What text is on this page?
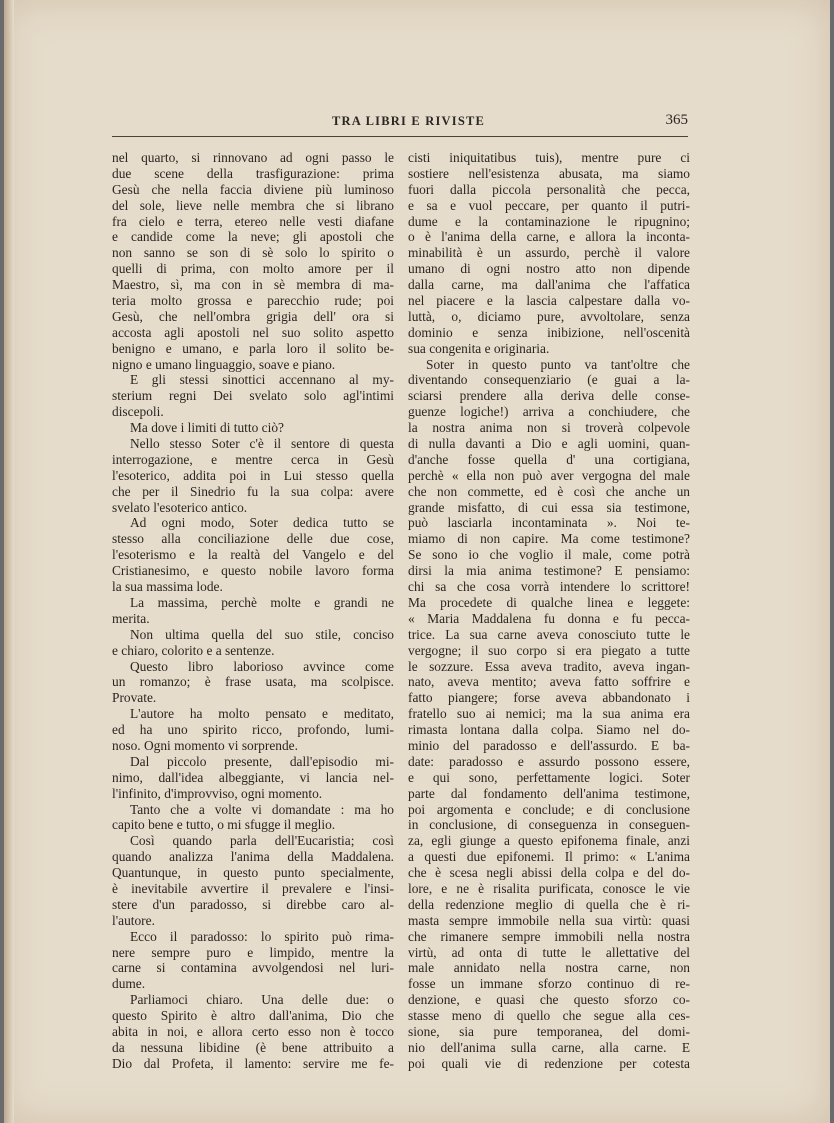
TRA LIBRI E RIVISTE	365
nel quarto, si rinnovano ad ogni passo le
due scene della trasfigurazione: prima
Gesù che nella faccia diviene più luminoso
del sole, lieve nelle membra che si librano
fra cielo e terra, etereo nelle vesti diafane
e candide come la neve; gli apostoli che
non sanno se son di sè solo lo spirito o
quelli di prima, con molto amore per il
Maestro, sì, ma con in sè membra di ma-
teria molto grossa e parecchio rude; poi
Gesù, che nell'ombra grigia dell' ora si
accosta agli apostoli nel suo solito aspetto
benigno e umano, e parla loro il solito be-
nigno e umano linguaggio, soave e piano.
E gli stessi sinottici accennano al my-
sterium regni Dei svelato solo agl'intimi
discepoli.
Ma dove i limiti di tutto ciò?
Nello stesso Soter c'è il sentore di questa
interrogazione, e mentre cerca in Gesù
l'esoterico, addita poi in Lui stesso quella
che per il Sinedrio fu la sua colpa: avere
svelato l'esoterico antico.
Ad ogni modo, Soter dedica tutto se
stesso alla conciliazione delle due cose,
l'esoterismo e la realtà del Vangelo e del
Cristianesimo, e questo nobile lavoro forma
la sua massima lode.
La massima, perchè molte e grandi ne
merita.
Non ultima quella del suo stile, conciso
e chiaro, colorito e a sentenze.
Questo libro laborioso avvince come
un romanzo; è frase usata, ma scolpisce.
Provate.
L'autore ha molto pensato e meditato,
ed ha uno spirito ricco, profondo, lumi-
noso. Ogni momento vi sorprende.
Dal piccolo presente, dall'episodio mi-
nimo, dall'idea albeggiante, vi lancia nel-
l'infinito, d'improvviso, ogni momento.
Tanto che a volte vi domandate : ma ho
capito bene e tutto, o mi sfugge il meglio.
Così quando parla dell'Eucaristia; così
quando analizza l'anima della Maddalena.
Quantunque, in questo punto specialmente,
è inevitabile avvertire il prevalere e l'insi-
stere d'un paradosso, si direbbe caro al-
l'autore.
Ecco il paradosso: lo spirito può rima-
nere sempre puro e limpido, mentre la
carne si contamina avvolgendosi nel luri-
dume.
Parliamoci chiaro. Una delle due: o
questo Spirito è altro dall'anima, Dio che
abita in noi, e allora certo esso non è tocco
da nessuna libidine (è bene attribuito a
Dio dal Profeta, il lamento: servire me fe-
cisti iniquitatibus tuis), mentre pure ci
sostiere nell'esistenza abusata, ma siamo
fuori dalla piccola personalità che pecca,
e sa e vuol peccare, per quanto il putri-
dume e la contaminazione le ripugnino;
o è l'anima della carne, e allora la inconta-
minabilità è un assurdo, perchè il valore
umano di ogni nostro atto non dipende
dalla carne, ma dall'anima che l'affatica
nel piacere e la lascia calpestare dalla vo-
luttà, o, diciamo pure, avvoltolare, senza
dominio e senza inibizione, nell'oscenità
sua congenita e originaria.
Soter in questo punto va tant'oltre che
diventando consequenziario (e guai a la-
sciarsi prendere alla deriva delle conse-
guenze logiche!) arriva a conchiudere, che
la nostra anima non si troverà colpevole
di nulla davanti a Dio e agli uomini, quan-
d'anche fosse quella d' una cortigiana,
perchè « ella non può aver vergogna del male
che non commette, ed è così che anche un
grande misfatto, di cui essa sia testimone,
può lasciarla incontaminata ». Noi te-
miamo di non capire. Ma come testimone?
Se sono io che voglio il male, come potrà
dirsi la mia anima testimone? E pensiamo:
chi sa che cosa vorrà intendere lo scrittore!
Ma procedete di qualche linea e leggete:
« Maria Maddalena fu donna e fu pecca-
trice. La sua carne aveva conosciuto tutte le
vergogne; il suo corpo si era piegato a tutte
le sozzure. Essa aveva tradito, aveva ingan-
nato, aveva mentito; aveva fatto soffrire e
fatto piangere; forse aveva abbandonato i
fratello suo ai nemici; ma la sua anima era
rimasta lontana dalla colpa. Siamo nel do-
minio del paradosso e dell'assurdo. E ba-
date: paradosso e assurdo possono essere,
e qui sono, perfettamente logici. Soter
parte dal fondamento dell'anima testimone,
poi argomenta e conclude; e di conclusione
in conclusione, di conseguenza in conseguen-
za, egli giunge a questo epifonema finale, anzi
a questi due epifonemi. Il primo: « L'anima
che è scesa negli abissi della colpa e del do-
lore, e ne è risalita purificata, conosce le vie
della redenzione meglio di quella che è ri-
masta sempre immobile nella sua virtù: quasi
che rimanere sempre immobili nella nostra
virtù, ad onta di tutte le allettative del
male annidato nella nostra carne, non
fosse un immane sforzo continuo di re-
denzione, e quasi che questo sforzo co-
stasse meno di quello che segue alla ces-
sione, sia pure temporanea, del domi-
nio dell'anima sulla carne, alla carne. E
poi quali vie di redenzione per cotesta
